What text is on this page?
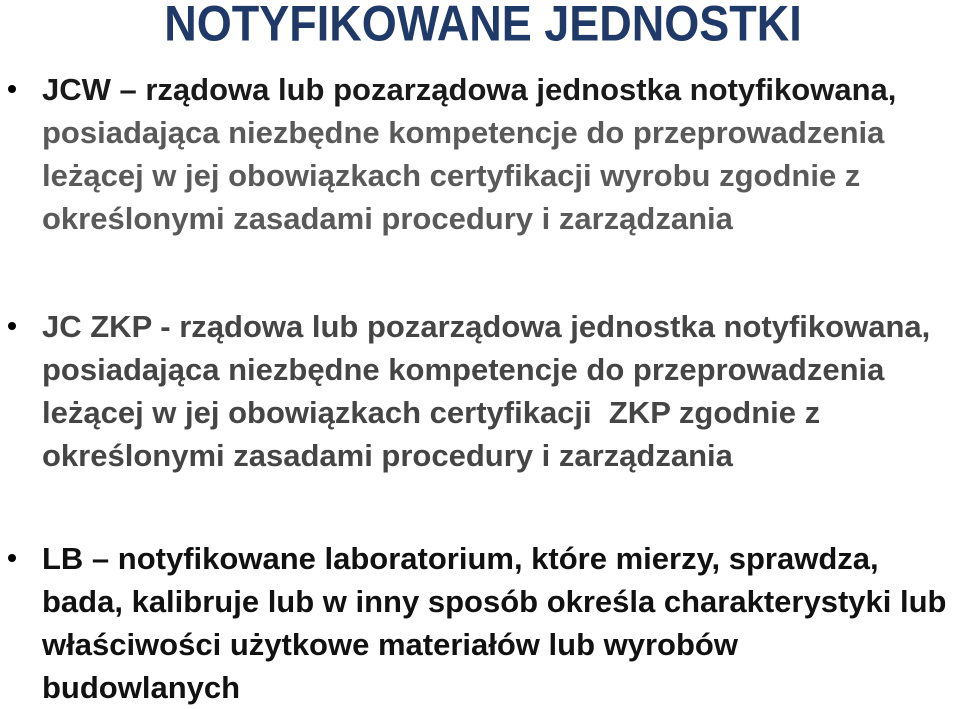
NOTYFIKOWANE JEDNOSTKI
JCW – rządowa lub pozarządowa jednostka notyfikowana,
posiadająca niezbędne kompetencje do przeprowadzenia
leżącej w jej obowiązkach certyfikacji wyrobu zgodnie z
określonymi zasadami procedury i zarządzania
JC ZKP - rządowa lub pozarządowa jednostka notyfikowana,
posiadająca niezbędne kompetencje do przeprowadzenia
leżącej w jej obowiązkach certyfikacji  ZKP zgodnie z
określonymi zasadami procedury i zarządzania
LB – notyfikowane laboratorium, które mierzy, sprawdza,
bada, kalibruje lub w inny sposób określa charakterystyki lub
właściwości użytkowe materiałów lub wyrobów
budowlanych
